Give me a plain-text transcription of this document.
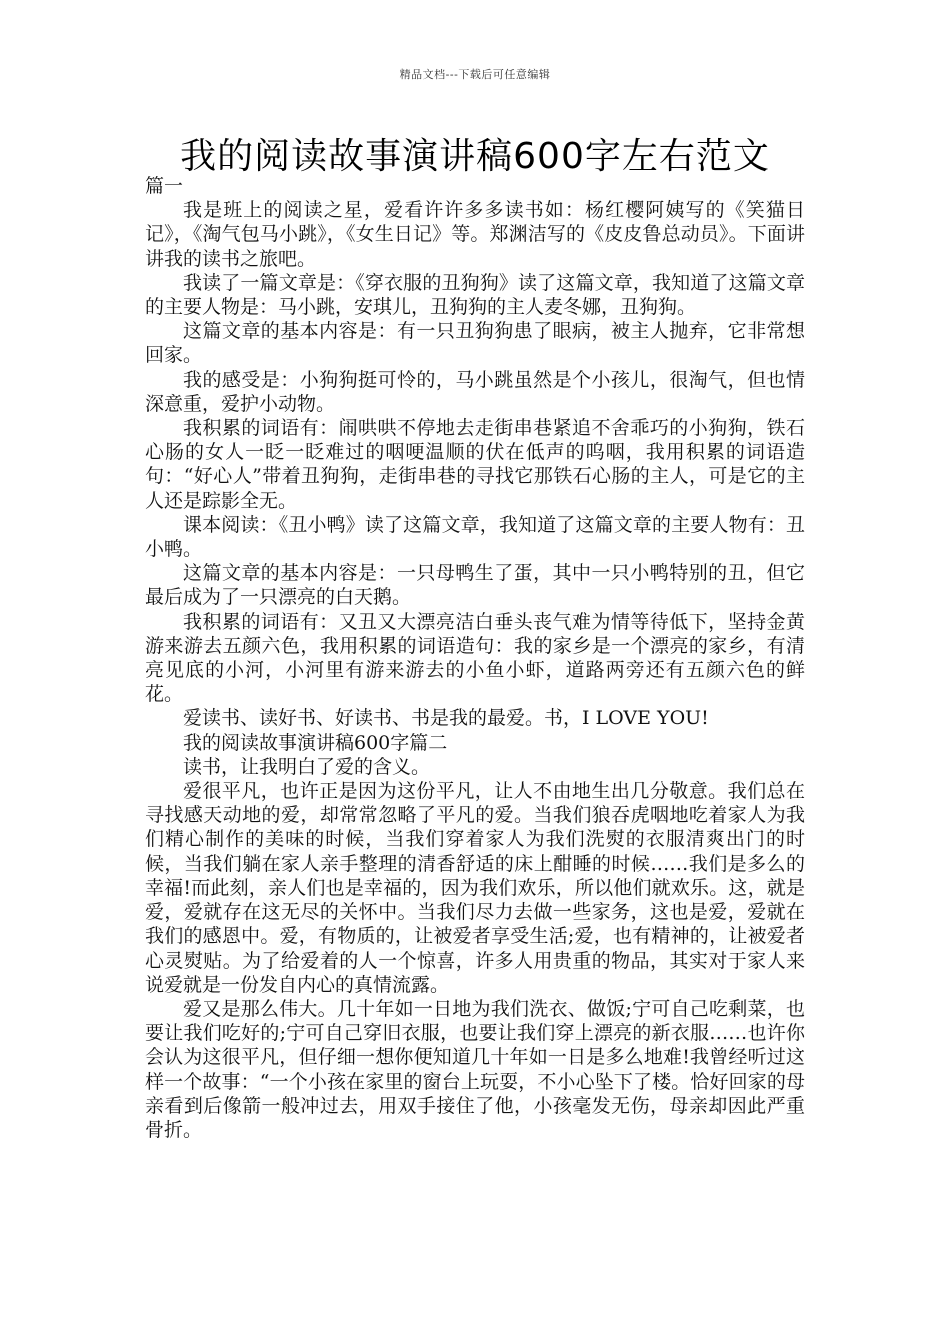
精品文档---下载后可任意编辑
我的阅读故事演讲稿600字左右范文

篇一

我是班上的阅读之星，爱看许许多多读书如：杨红樱阿姨写的《笑猫日记》，《淘气包马小跳》，《女生日记》等。郑渊洁写的《皮皮鲁总动员》。下面讲讲我的读书之旅吧。

我读了一篇文章是：《穿衣服的丑狗狗》读了这篇文章，我知道了这篇文章的主要人物是：马小跳，安琪儿，丑狗狗的主人麦冬娜，丑狗狗。

这篇文章的基本内容是：有一只丑狗狗患了眼病，被主人抛弃，它非常想回家。

我的感受是：小狗狗挺可怜的，马小跳虽然是个小孩儿，很淘气，但也情深意重，爱护小动物。

我积累的词语有：闹哄哄不停地去走街串巷紧追不舍乖巧的小狗狗，铁石心肠的女人一眨一眨难过的咽哽温顺的伏在低声的呜咽，我用积累的词语造句：“好心人”带着丑狗狗，走街串巷的寻找它那铁石心肠的主人，可是它的主人还是踪影全无。

课本阅读：《丑小鸭》读了这篇文章，我知道了这篇文章的主要人物有：丑小鸭。

这篇文章的基本内容是：一只母鸭生了蛋，其中一只小鸭特别的丑，但它最后成为了一只漂亮的白天鹅。

我积累的词语有：又丑又大漂亮洁白垂头丧气难为情等待低下，坚持金黄游来游去五颜六色，我用积累的词语造句：我的家乡是一个漂亮的家乡，有清亮见底的小河，小河里有游来游去的小鱼小虾，道路两旁还有五颜六色的鲜花。

爱读书、读好书、好读书、书是我的最爱。书，I LOVE YOU!

我的阅读故事演讲稿600字篇二

读书，让我明白了爱的含义。

爱很平凡，也许正是因为这份平凡，让人不由地生出几分敬意。我们总在寻找感天动地的爱，却常常忽略了平凡的爱。当我们狼吞虎咽地吃着家人为我们精心制作的美味的时候，当我们穿着家人为我们洗熨的衣服清爽出门的时候，当我们躺在家人亲手整理的清香舒适的床上酣睡的时候……我们是多么的幸福!而此刻，亲人们也是幸福的，因为我们欢乐，所以他们就欢乐。这，就是爱，爱就存在这无尽的关怀中。当我们尽力去做一些家务，这也是爱，爱就在我们的感恩中。爱，有物质的，让被爱者享受生活;爱，也有精神的，让被爱者心灵熨贴。为了给爱着的人一个惊喜，许多人用贵重的物品，其实对于家人来说爱就是一份发自内心的真情流露。

爱又是那么伟大。几十年如一日地为我们洗衣、做饭;宁可自己吃剩菜，也要让我们吃好的;宁可自己穿旧衣服，也要让我们穿上漂亮的新衣服……也许你会认为这很平凡，但仔细一想你便知道几十年如一日是多么地难!我曾经听过这样一个故事：“一个小孩在家里的窗台上玩耍，不小心坠下了楼。恰好回家的母亲看到后像箭一般冲过去，用双手接住了他，小孩毫发无伤，母亲却因此严重骨折。
